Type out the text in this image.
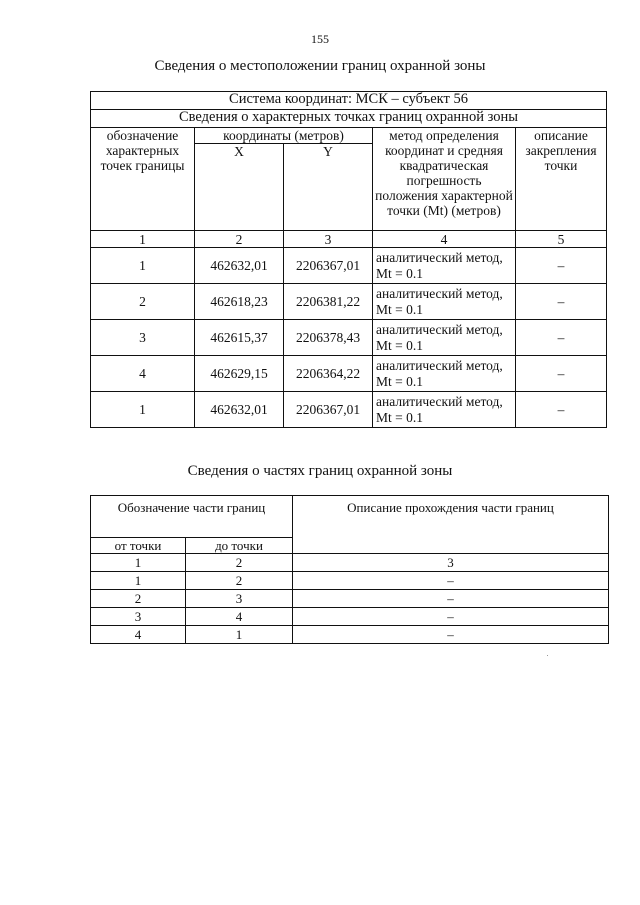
155
Сведения о местоположении границ охранной зоны
Система координат: МСК – субъект 56				
Сведения о характерных точках границ охранной зоны				
обозначение характерных точек границы	координаты (метров)		метод определения координат и средняя квадратическая погрешность положения характерной точки (Mt) (метров)	описание закрепления точки
	X	Y		
1	2	3	4	5
1	462632,01	2206367,01	аналитический метод, Mt = 0.1	–
2	462618,23	2206381,22	аналитический метод, Mt = 0.1	–
3	462615,37	2206378,43	аналитический метод, Mt = 0.1	–
4	462629,15	2206364,22	аналитический метод, Mt = 0.1	–
1	462632,01	2206367,01	аналитический метод, Mt = 0.1	–
Сведения о частях границ охранной зоны
Обозначение части границ		Описание прохождения части границ
от точки	до точки	
1	2	3
1	2	–
2	3	–
3	4	–
4	1	–
